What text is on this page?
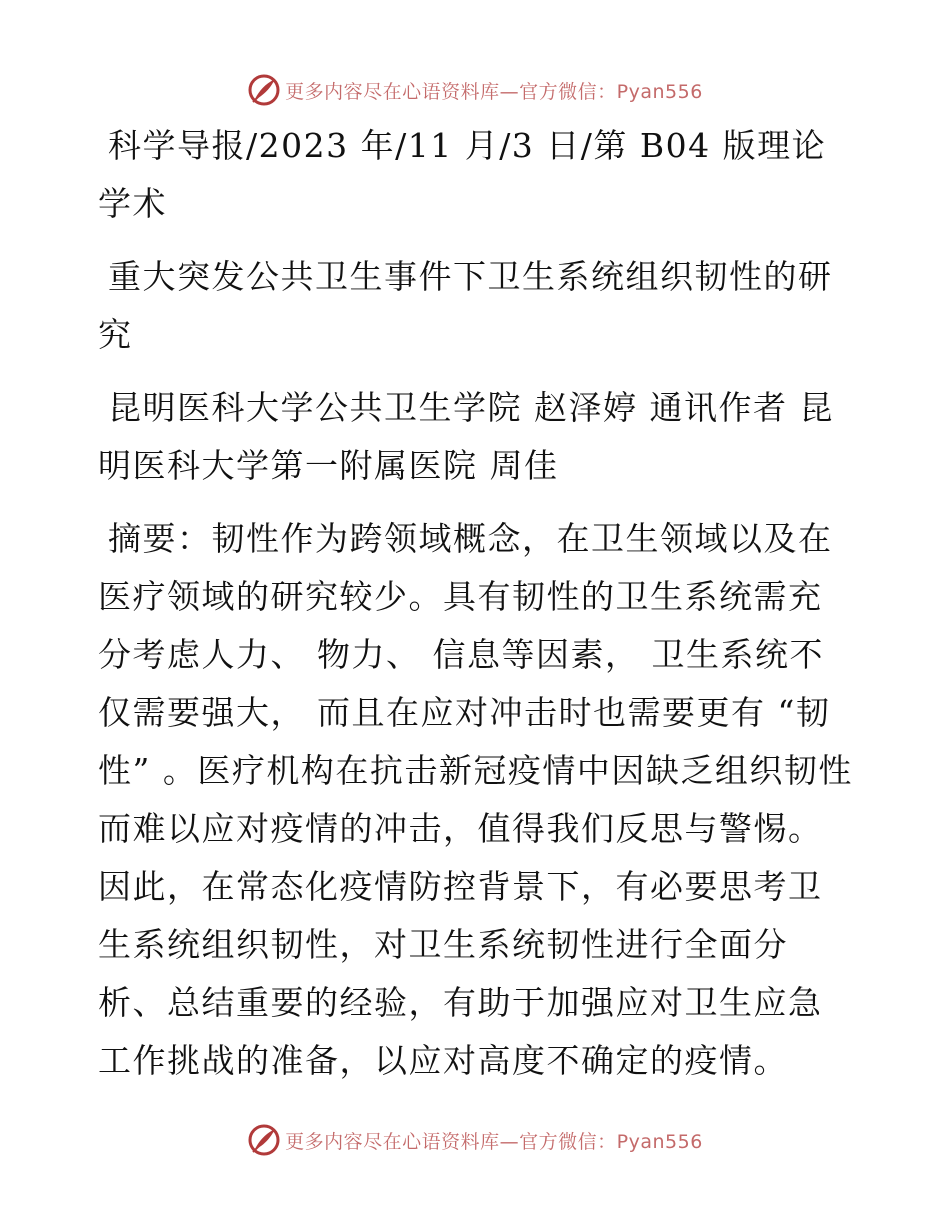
更多内容尽在心语资料库—官方微信：Pyan556

科学导报/2023 年/11 月/3 日/第 B04 版理论学术

重大突发公共卫生事件下卫生系统组织韧性的研究

昆明医科大学公共卫生学院 赵泽婷 通讯作者 昆明医科大学第一附属医院 周佳

摘要：韧性作为跨领域概念，在卫生领域以及在医疗领域的研究较少。具有韧性的卫生系统需充分考虑人力、 物力、 信息等因素， 卫生系统不仅需要强大， 而且在应对冲击时也需要更有 “韧性” 。医疗机构在抗击新冠疫情中因缺乏组织韧性而难以应对疫情的冲击，值得我们反思与警惕。因此，在常态化疫情防控背景下，有必要思考卫生系统组织韧性，对卫生系统韧性进行全面分析、总结重要的经验，有助于加强应对卫生应急工作挑战的准备，以应对高度不确定的疫情。

更多内容尽在心语资料库—官方微信：Pyan556
